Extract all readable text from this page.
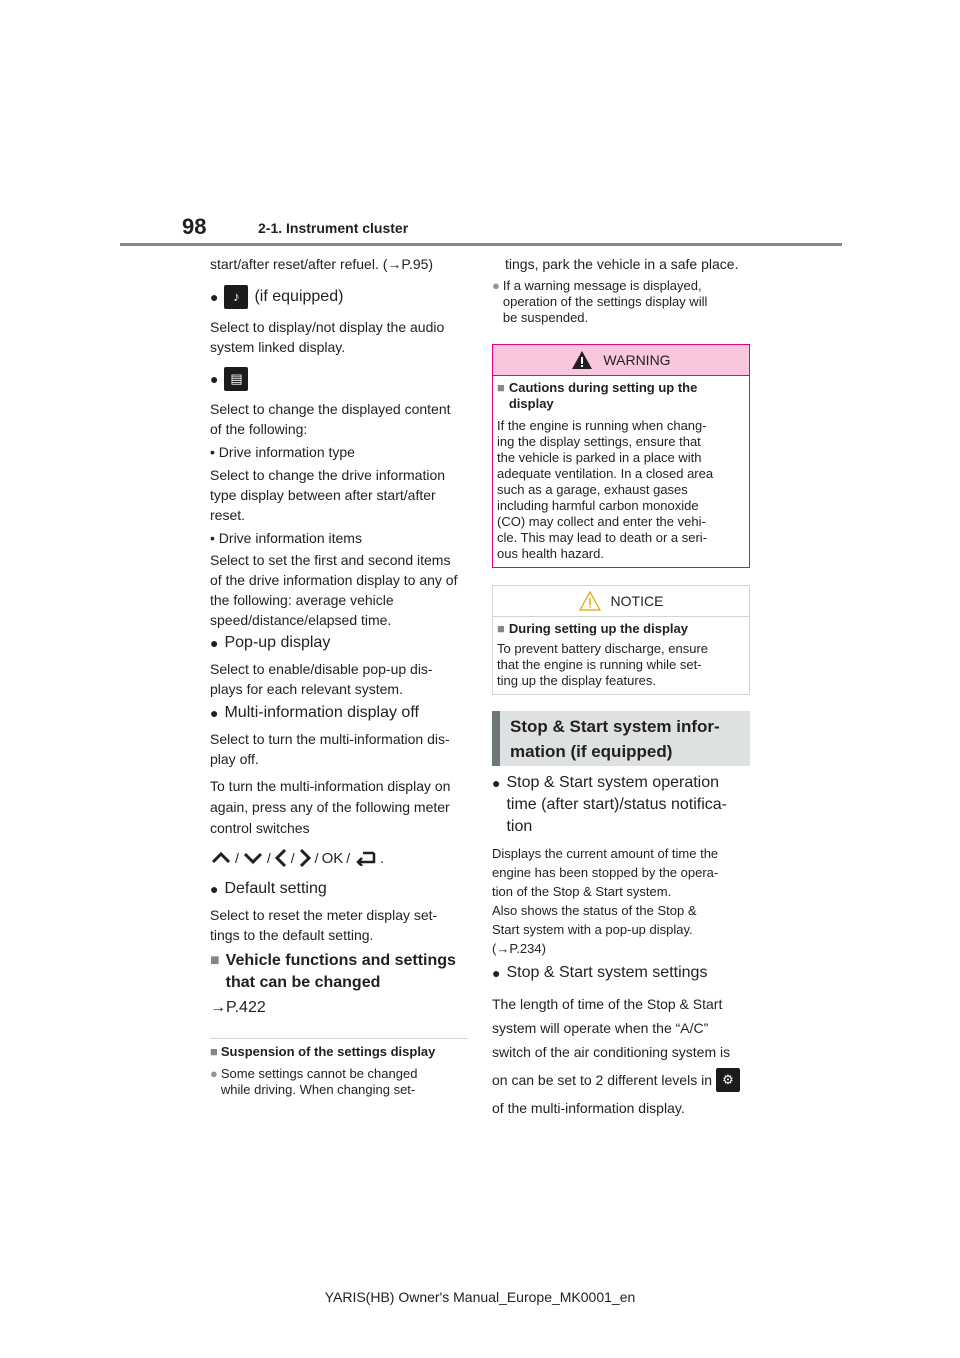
98	2-1. Instrument cluster
start/after reset/after refuel. (→P.95)
●	♪ (if equipped)
Select to display/not display the audio
system linked display.
● ▤
Select to change the displayed content
of the following:
• Drive information type
Select to change the drive information
type display between after start/after
reset.
• Drive information items
Select to set the first and second items
of the drive information display to any of
the following: average vehicle
speed/distance/elapsed time.
● Pop-up display
Select to enable/disable pop-up dis-
plays for each relevant system.
● Multi-information display off
Select to turn the multi-information dis-
play off.
To turn the multi-information display on
again, press any of the following meter
control switches
/ / / / OK / .
● Default setting
Select to reset the meter display set-
tings to the default setting.
■ Vehicle functions and settings
that can be changed
→P.422
■ Suspension of the settings display
● Some settings cannot be changed
while driving. When changing set-
tings, park the vehicle in a safe place.
● If a warning message is displayed,
operation of the settings display will
be suspended.
WARNING
■ Cautions during setting up the
display
If the engine is running when chang-
ing the display settings, ensure that
the vehicle is parked in a place with
adequate ventilation. In a closed area
such as a garage, exhaust gases
including harmful carbon monoxide
(CO) may collect and enter the vehi-
cle. This may lead to death or a seri-
ous health hazard.
NOTICE
■ During setting up the display
To prevent battery discharge, ensure
that the engine is running while set-
ting up the display features.
Stop & Start system infor-
mation (if equipped)
● Stop & Start system operation
time (after start)/status notifica-
tion
Displays the current amount of time the
engine has been stopped by the opera-
tion of the Stop & Start system.
Also shows the status of the Stop &
Start system with a pop-up display.
(→P.234)
● Stop & Start system settings
The length of time of the Stop & Start
system will operate when the “A/C”
switch of the air conditioning system is
on can be set to 2 different levels in ⚙
of the multi-information display.
YARIS(HB) Owner's Manual_Europe_MK0001_en
